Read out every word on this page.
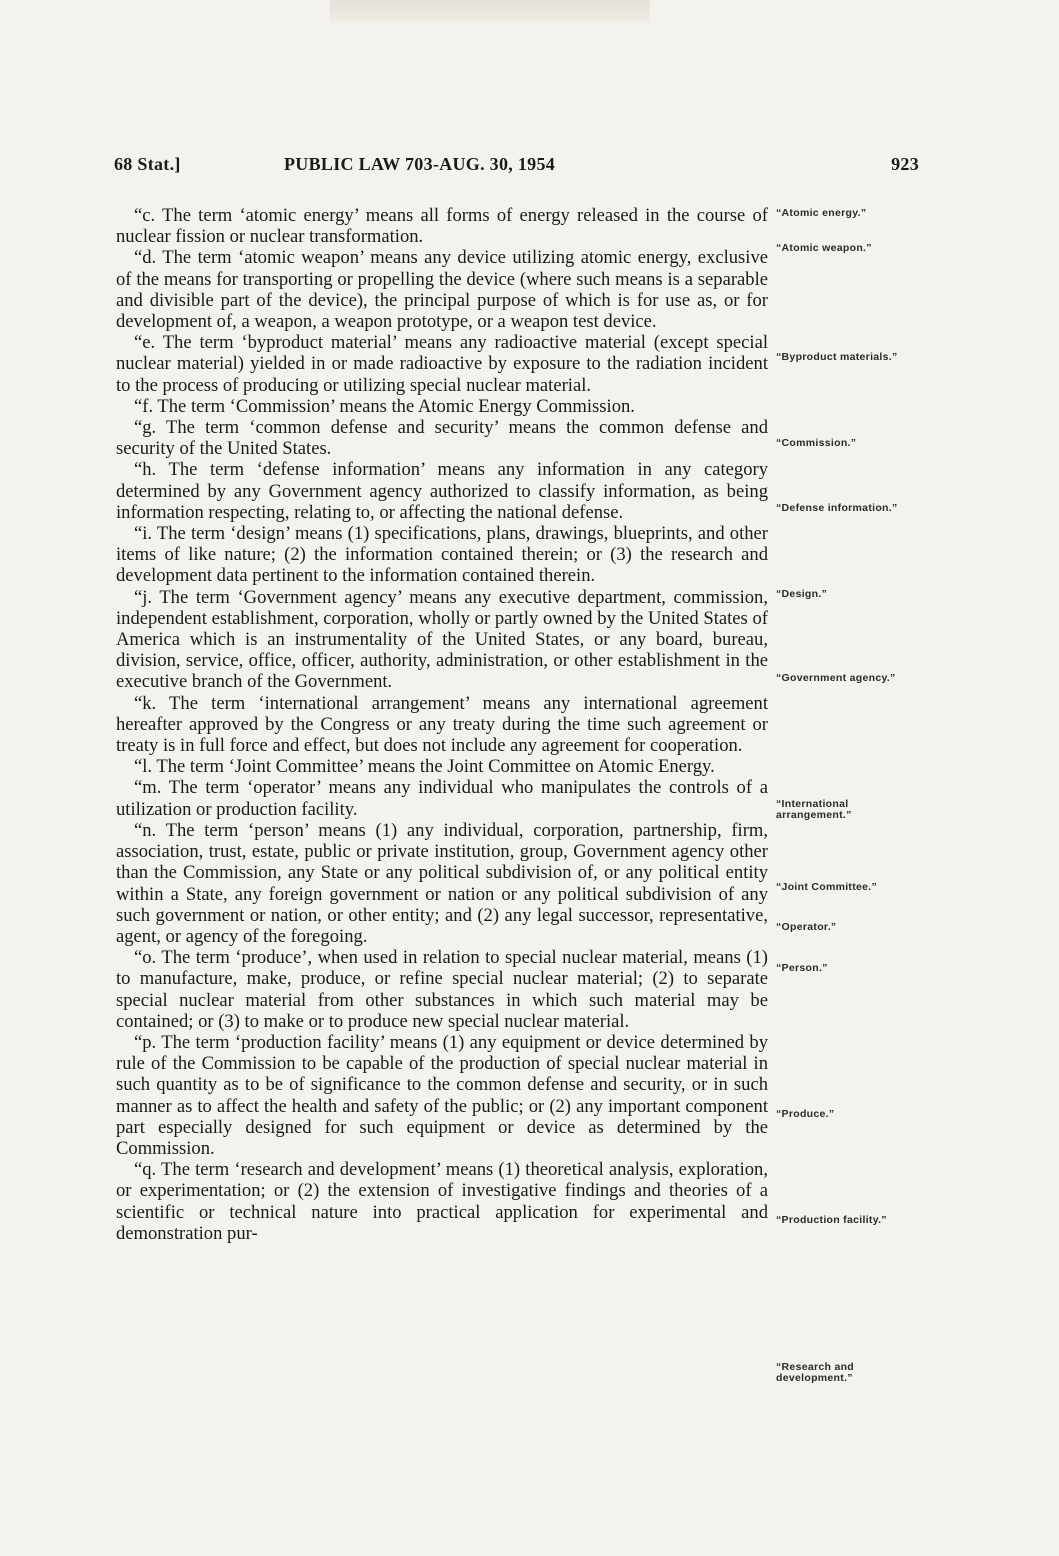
68 Stat.]	PUBLIC LAW 703-AUG. 30, 1954	923

“c. The term ‘atomic energy’ means all forms of energy released in the course of nuclear fission or nuclear transformation.

“d. The term ‘atomic weapon’ means any device utilizing atomic energy, exclusive of the means for transporting or propelling the device (where such means is a separable and divisible part of the device), the principal purpose of which is for use as, or for development of, a weapon, a weapon prototype, or a weapon test device.

“e. The term ‘byproduct material’ means any radioactive material (except special nuclear material) yielded in or made radioactive by exposure to the radiation incident to the process of producing or utilizing special nuclear material.

“f. The term ‘Commission’ means the Atomic Energy Commission.

“g. The term ‘common defense and security’ means the common defense and security of the United States.

“h. The term ‘defense information’ means any information in any category determined by any Government agency authorized to classify information, as being information respecting, relating to, or affecting the national defense.

“i. The term ‘design’ means (1) specifications, plans, drawings, blueprints, and other items of like nature; (2) the information contained therein; or (3) the research and development data pertinent to the information contained therein.

“j. The term ‘Government agency’ means any executive department, commission, independent establishment, corporation, wholly or partly owned by the United States of America which is an instrumentality of the United States, or any board, bureau, division, service, office, officer, authority, administration, or other establishment in the executive branch of the Government.

“k. The term ‘international arrangement’ means any international agreement hereafter approved by the Congress or any treaty during the time such agreement or treaty is in full force and effect, but does not include any agreement for cooperation.

“l. The term ‘Joint Committee’ means the Joint Committee on Atomic Energy.

“m. The term ‘operator’ means any individual who manipulates the controls of a utilization or production facility.

“n. The term ‘person’ means (1) any individual, corporation, partnership, firm, association, trust, estate, public or private institution, group, Government agency other than the Commission, any State or any political subdivision of, or any political entity within a State, any foreign government or nation or any political subdivision of any such government or nation, or other entity; and (2) any legal successor, representative, agent, or agency of the foregoing.

“o. The term ‘produce’, when used in relation to special nuclear material, means (1) to manufacture, make, produce, or refine special nuclear material; (2) to separate special nuclear material from other substances in which such material may be contained; or (3) to make or to produce new special nuclear material.

“p. The term ‘production facility’ means (1) any equipment or device determined by rule of the Commission to be capable of the production of special nuclear material in such quantity as to be of significance to the common defense and security, or in such manner as to affect the health and safety of the public; or (2) any important component part especially designed for such equipment or device as determined by the Commission.

“q. The term ‘research and development’ means (1) theoretical analysis, exploration, or experimentation; or (2) the extension of investigative findings and theories of a scientific or technical nature into practical application for experimental and demonstration pur-

“Atomic energy.”
“Atomic weapon.”
“Byproduct materials.”
“Commission.”
“Defense information.”
“Design.”
“Government agency.”
“International arrangement.”
“Joint Committee.”
“Operator.”
“Person.”
“Produce.”
“Production facility.”
“Research and development.”
